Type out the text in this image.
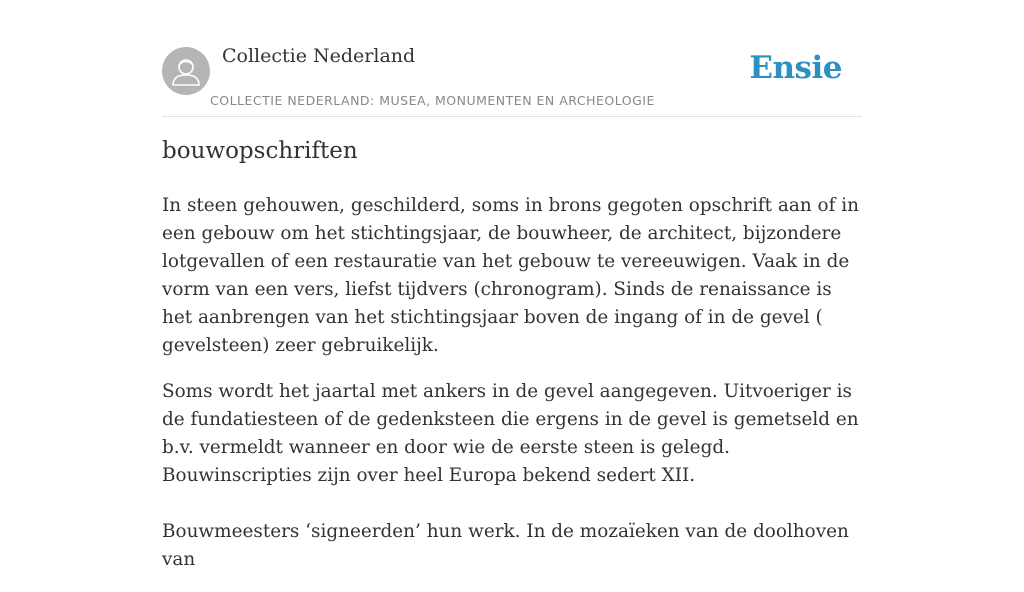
Collectie Nederland
COLLECTIE NEDERLAND: MUSEA, MONUMENTEN EN ARCHEOLOGIE
Ensie
bouwopschriften

In steen gehouwen, geschilderd, soms in brons gegoten opschrift aan of in een gebouw om het stichtingsjaar, de bouwheer, de architect, bijzondere lotgevallen of een restauratie van het gebouw te vereeuwigen. Vaak in de vorm van een vers, liefst tijdvers (chronogram). Sinds de renaissance is het aanbrengen van het stichtingsjaar boven de ingang of in de gevel ( gevelsteen) zeer gebruikelijk.

Soms wordt het jaartal met ankers in de gevel aangegeven. Uitvoeriger is de fundatiesteen of de gedenksteen die ergens in de gevel is gemetseld en b.v. vermeldt wanneer en door wie de eerste steen is gelegd. Bouwinscripties zijn over heel Europa bekend sedert XII.

Bouwmeesters ‘signeerden’ hun werk. In de mozaïeken van de doolhoven van
